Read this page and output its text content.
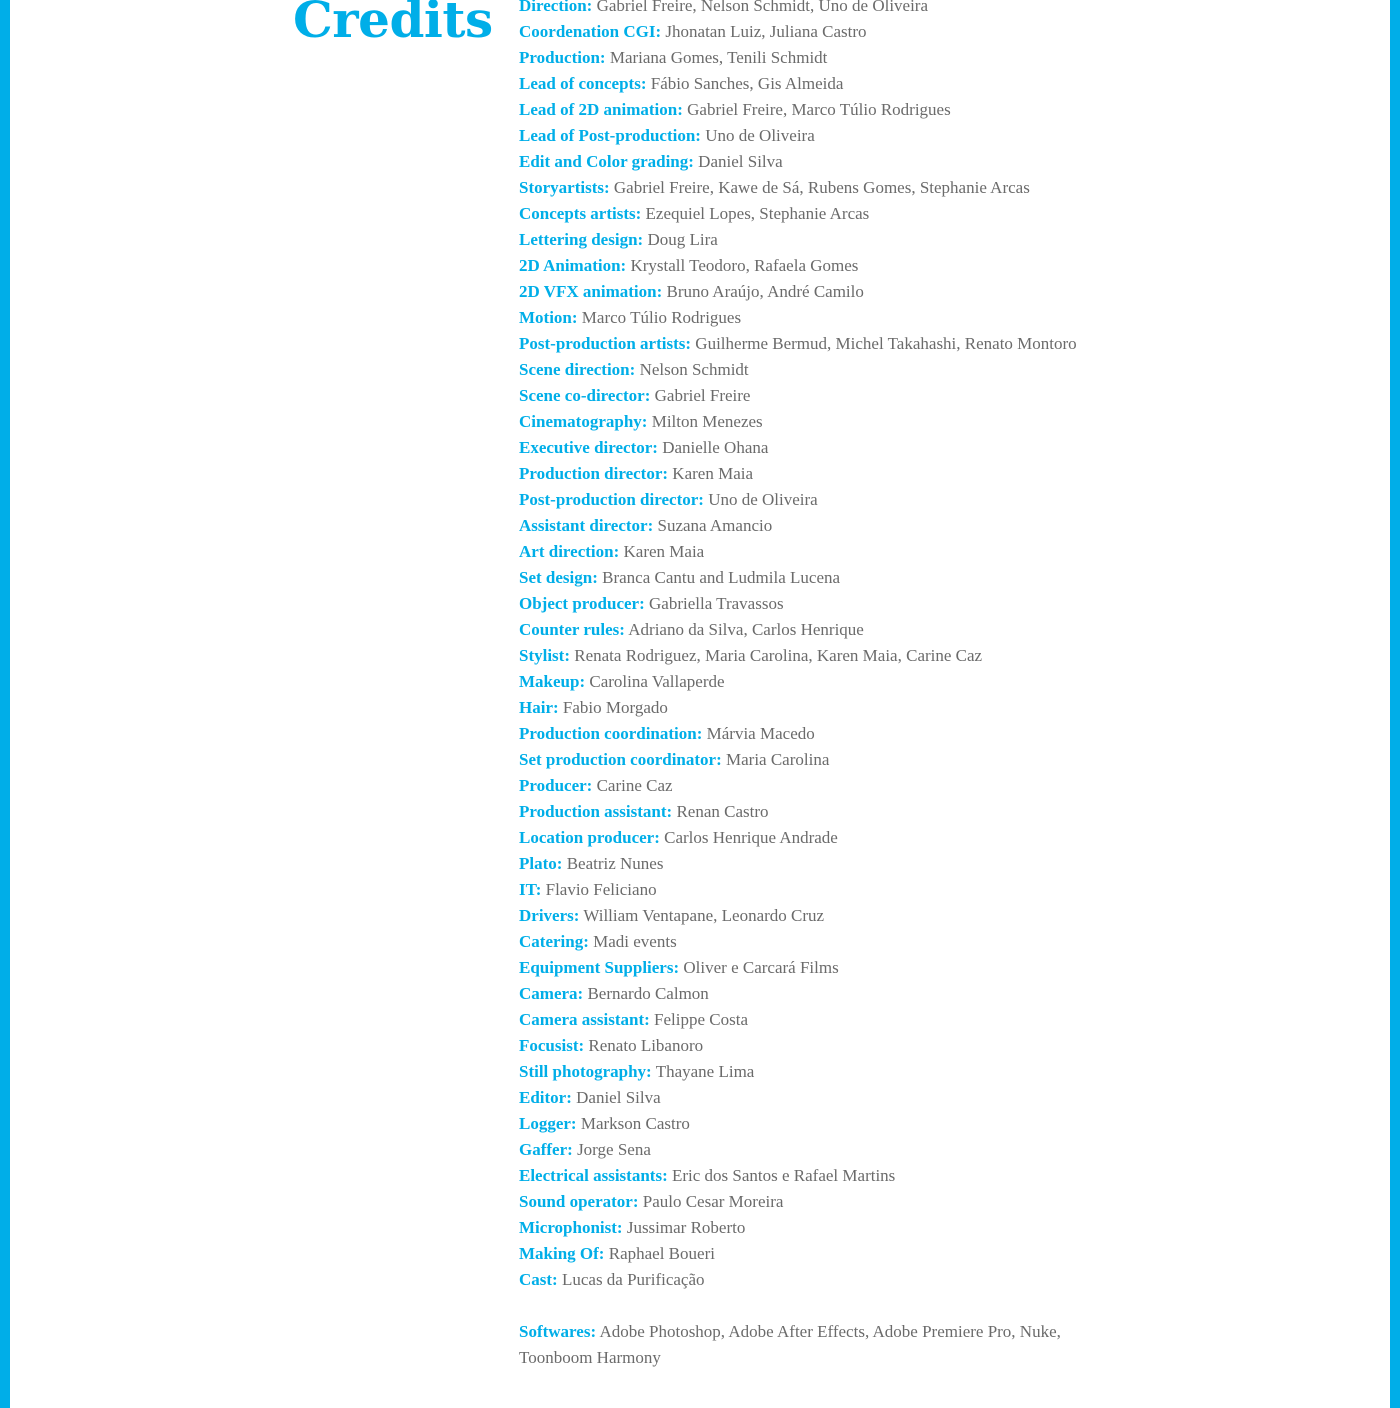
Credits Direction: Gabriel Freire, Nelson Schmidt, Uno de Oliveira
Coordenation CGI: Jhonatan Luiz, Juliana Castro
Production: Mariana Gomes, Tenili Schmidt
Lead of concepts: Fábio Sanches, Gis Almeida
Lead of 2D animation: Gabriel Freire, Marco Túlio Rodrigues
Lead of Post-production: Uno de Oliveira
Edit and Color grading: Daniel Silva
Storyartists: Gabriel Freire, Kawe de Sá, Rubens Gomes, Stephanie Arcas
Concepts artists: Ezequiel Lopes, Stephanie Arcas
Lettering design: Doug Lira
2D Animation: Krystall Teodoro, Rafaela Gomes
2D VFX animation: Bruno Araújo, André Camilo
Motion: Marco Túlio Rodrigues
Post-production artists: Guilherme Bermud, Michel Takahashi, Renato Montoro
Scene direction: Nelson Schmidt
Scene co-director: Gabriel Freire
Cinematography: Milton Menezes
Executive director: Danielle Ohana
Production director: Karen Maia
Post-production director: Uno de Oliveira
Assistant director: Suzana Amancio
Art direction: Karen Maia
Set design: Branca Cantu and Ludmila Lucena
Object producer: Gabriella Travassos
Counter rules: Adriano da Silva, Carlos Henrique
Stylist: Renata Rodriguez, Maria Carolina, Karen Maia, Carine Caz
Makeup: Carolina Vallaperde
Hair: Fabio Morgado
Production coordination: Márvia Macedo
Set production coordinator: Maria Carolina
Producer: Carine Caz
Production assistant: Renan Castro
Location producer: Carlos Henrique Andrade
Plato: Beatriz Nunes
IT: Flavio Feliciano
Drivers: William Ventapane, Leonardo Cruz
Catering: Madi events
Equipment Suppliers: Oliver e Carcará Films
Camera: Bernardo Calmon
Camera assistant: Felippe Costa
Focusist: Renato Libanoro
Still photography: Thayane Lima
Editor: Daniel Silva
Logger: Markson Castro
Gaffer: Jorge Sena
Electrical assistants: Eric dos Santos e Rafael Martins
Sound operator: Paulo Cesar Moreira
Microphonist: Jussimar Roberto
Making Of: Raphael Boueri
Cast: Lucas da Purificação
Softwares: Adobe Photoshop, Adobe After Effects, Adobe Premiere Pro, Nuke, Toonboom Harmony
